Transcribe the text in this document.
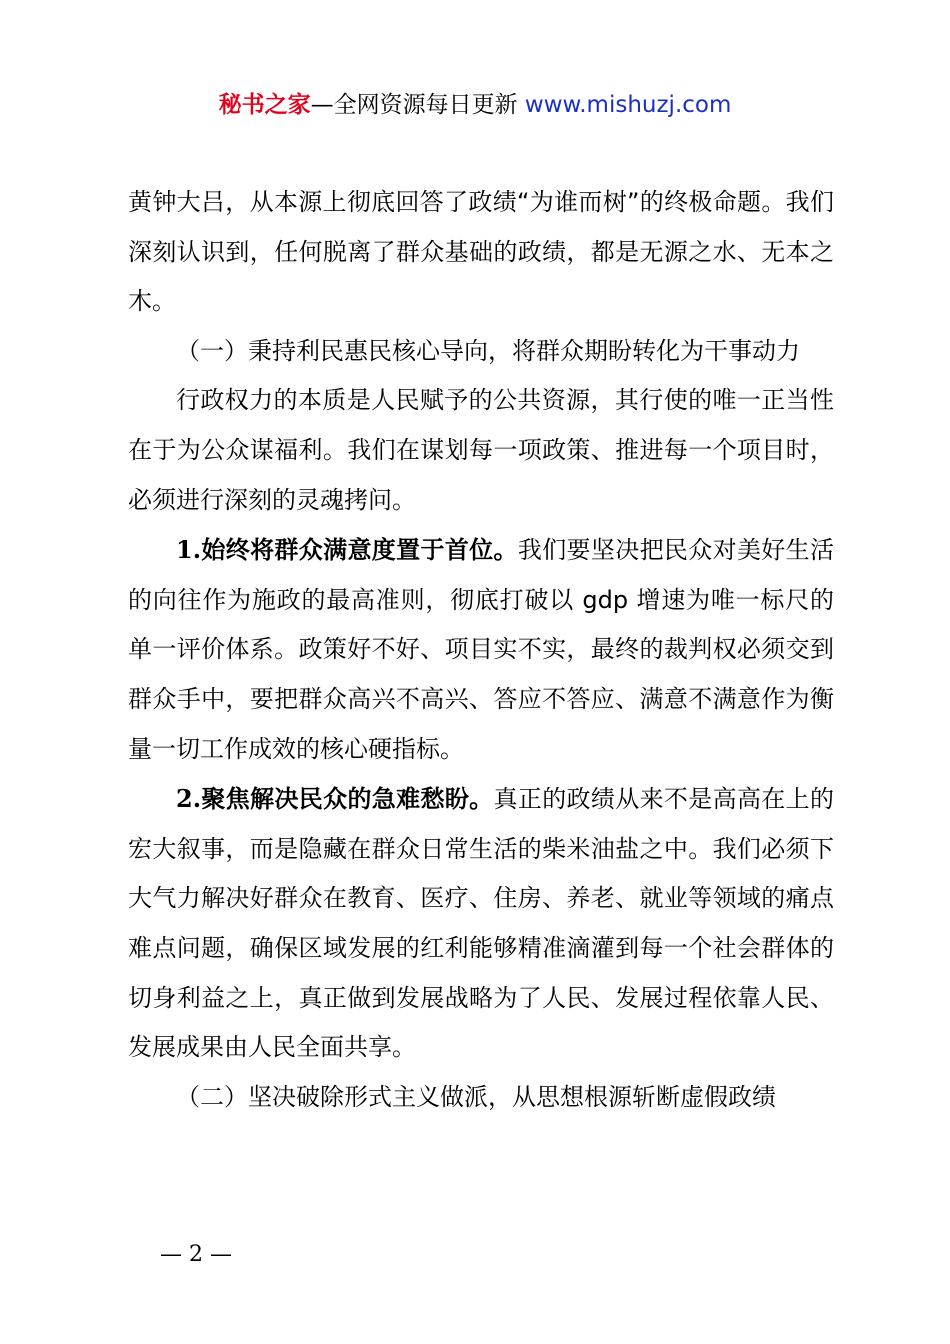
秘书之家—全网资源每日更新 www.mishuzj.com

黄钟大吕，从本源上彻底回答了政绩“为谁而树”的终极命题。我们深刻认识到，任何脱离了群众基础的政绩，都是无源之水、无本之木。

（一）秉持利民惠民核心导向，将群众期盼转化为干事动力

行政权力的本质是人民赋予的公共资源，其行使的唯一正当性在于为公众谋福利。我们在谋划每一项政策、推进每一个项目时，必须进行深刻的灵魂拷问。

1.始终将群众满意度置于首位。我们要坚决把民众对美好生活的向往作为施政的最高准则，彻底打破以 gdp 增速为唯一标尺的单一评价体系。政策好不好、项目实不实，最终的裁判权必须交到群众手中，要把群众高兴不高兴、答应不答应、满意不满意作为衡量一切工作成效的核心硬指标。

2.聚焦解决民众的急难愁盼。真正的政绩从来不是高高在上的宏大叙事，而是隐藏在群众日常生活的柴米油盐之中。我们必须下大气力解决好群众在教育、医疗、住房、养老、就业等领域的痛点难点问题，确保区域发展的红利能够精准滴灌到每一个社会群体的切身利益之上，真正做到发展战略为了人民、发展过程依靠人民、发展成果由人民全面共享。

（二）坚决破除形式主义做派，从思想根源斩断虚假政绩

— 2 —
